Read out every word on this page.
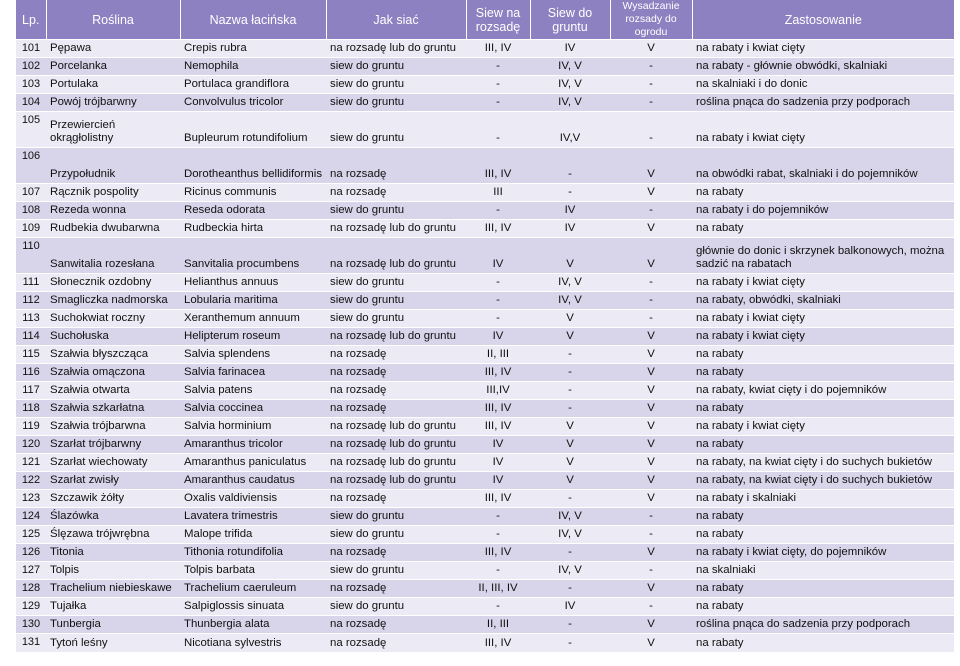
Lp.	Roślina	Nazwa łacińska	Jak siać	Siew na rozsadę	Siew do gruntu	Wysadzanie rozsady do ogrodu	Zastosowanie
101	Pępawa	Crepis rubra	na rozsadę lub do gruntu	III, IV	IV	V	na rabaty i kwiat cięty
102	Porcelanka	Nemophila	siew do gruntu	-	IV, V	-	na rabaty - głównie obwódki, skalniaki
103	Portulaka	Portulaca grandiflora	siew do gruntu	-	IV, V	-	na skalniaki i do donic
104	Powój trójbarwny	Convolvulus tricolor	siew do gruntu	-	IV, V	-	roślina pnąca do sadzenia przy podporach
105	Przewiercień okrągłolistny	Bupleurum rotundifolium	siew do gruntu	-	IV,V	-	na rabaty i kwiat cięty
106	Przypołudnik	Dorotheanthus bellidiformis	na rozsadę	III, IV	-	V	na obwódki rabat, skalniaki i do pojemników
107	Rącznik pospolity	Ricinus communis	na rozsadę	III	-	V	na rabaty
108	Rezeda wonna	Reseda odorata	siew do gruntu	-	IV	-	na rabaty i do pojemników
109	Rudbekia dwubarwna	Rudbeckia hirta	na rozsadę lub do gruntu	III, IV	IV	V	na rabaty
110	Sanwitalia rozesłana	Sanvitalia procumbens	na rozsadę lub do gruntu	IV	V	V	głównie do donic i skrzynek balkonowych, można sadzić na rabatach
111	Słonecznik ozdobny	Helianthus annuus	siew do gruntu	-	IV, V	-	na rabaty i kwiat cięty
112	Smagliczka nadmorska	Lobularia maritima	siew do gruntu	-	IV, V	-	na rabaty, obwódki, skalniaki
113	Suchokwiat roczny	Xeranthemum annuum	siew do gruntu	-	V	-	na rabaty i kwiat cięty
114	Suchołuska	Helipterum roseum	na rozsadę lub do gruntu	IV	V	V	na rabaty i kwiat cięty
115	Szałwia błyszcząca	Salvia splendens	na rozsadę	II, III	-	V	na rabaty
116	Szałwia omączona	Salvia farinacea	na rozsadę	III, IV	-	V	na rabaty
117	Szałwia otwarta	Salvia patens	na rozsadę	III,IV	-	V	na rabaty, kwiat cięty i do pojemników
118	Szałwia szkarłatna	Salvia coccinea	na rozsadę	III, IV	-	V	na rabaty
119	Szałwia trójbarwna	Salvia horminium	na rozsadę lub do gruntu	III, IV	V	V	na rabaty i kwiat cięty
120	Szarłat trójbarwny	Amaranthus tricolor	na rozsadę lub do gruntu	IV	V	V	na rabaty
121	Szarłat wiechowaty	Amaranthus paniculatus	na rozsadę lub do gruntu	IV	V	V	na rabaty, na kwiat cięty i do suchych bukietów
122	Szarłat zwisły	Amaranthus caudatus	na rozsadę lub do gruntu	IV	V	V	na rabaty, na kwiat cięty i do suchych bukietów
123	Szczawik żółty	Oxalis valdiviensis	na rozsadę	III, IV	-	V	na rabaty i skalniaki
124	Ślazówka	Lavatera trimestris	siew do gruntu	-	IV, V	-	na rabaty
125	Ślęzawa trójwrębna	Malope trifida	siew do gruntu	-	IV, V	-	na rabaty
126	Titonia	Tithonia rotundifolia	na rozsadę	III, IV	-	V	na rabaty i kwiat cięty, do pojemników
127	Tolpis	Tolpis barbata	siew do gruntu	-	IV, V	-	na skalniaki
128	Trachelium niebieskawe	Trachelium caeruleum	na rozsadę	II, III, IV	-	V	na rabaty
129	Tujałka	Salpiglossis sinuata	siew do gruntu	-	IV	-	na rabaty
130	Tunbergia	Thunbergia alata	na rozsadę	II, III	-	V	roślina pnąca do sadzenia przy podporach
131	Tytoń leśny	Nicotiana sylvestris	na rozsadę	III, IV	-	V	na rabaty
